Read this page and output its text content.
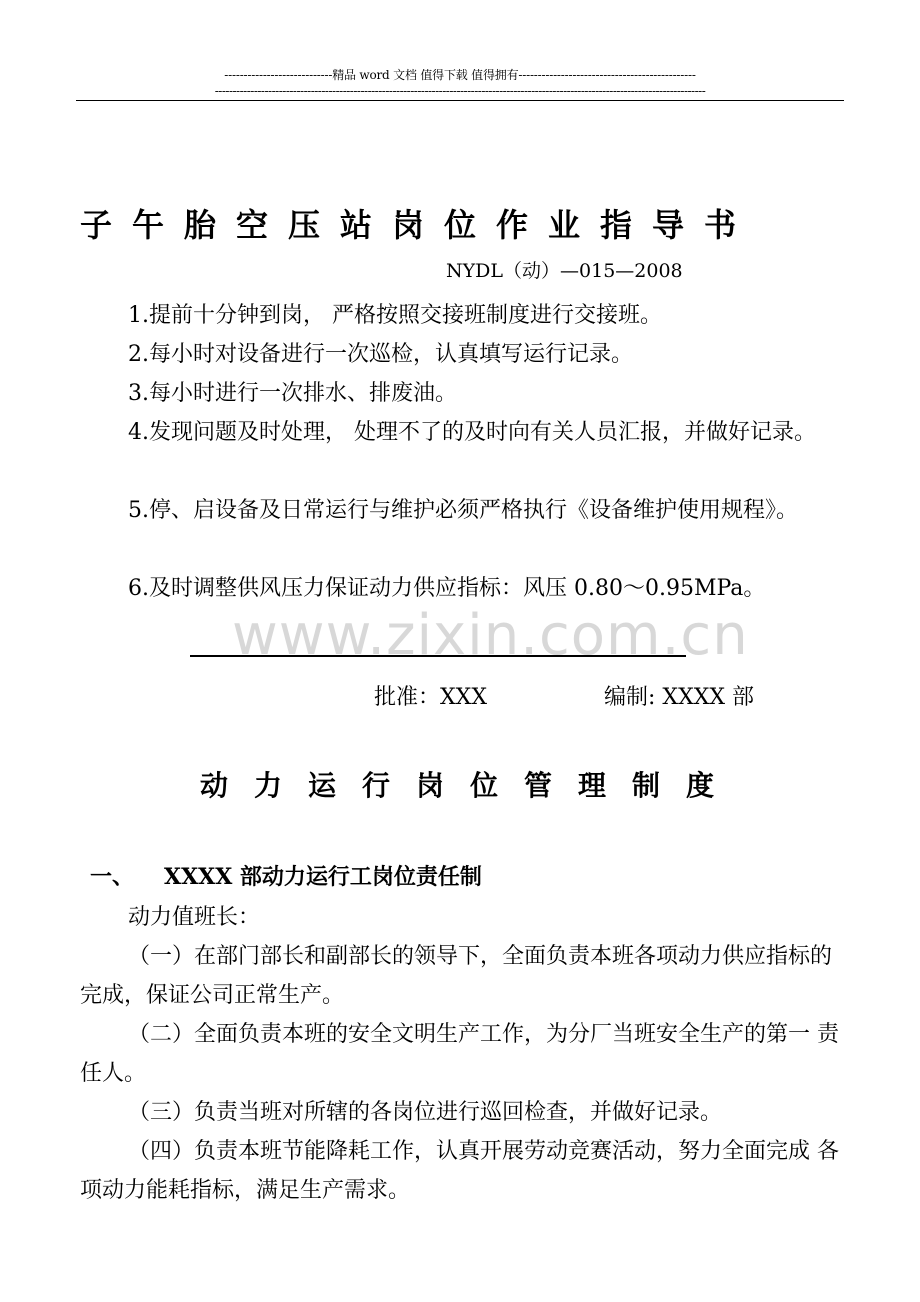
----------------------------精品 word 文档 值得下载 值得拥有----------------------------------------------
------------------------------------------------------------------------------------------------------------------------------------------
子午胎空压站岗位作业指导书
NYDL（动）—015—2008
1.提前十分钟到岗， 严格按照交接班制度进行交接班。
2.每小时对设备进行一次巡检，认真填写运行记录。
3.每小时进行一次排水、排废油。
4.发现问题及时处理， 处理不了的及时向有关人员汇报，并做好记录。
5.停、启设备及日常运行与维护必须严格执行《设备维护使用规程》。
6.及时调整供风压力保证动力供应指标：风压 0.80～0.95MPa。
www.zixin.com.cn
批准：XXX	编制: XXXX 部
动力运行岗位管理制度
一、 XXXX 部动力运行工岗位责任制
动力值班长：
（一）在部门部长和副部长的领导下，全面负责本班各项动力供应指标的完成，保证公司正常生产。
（二）全面负责本班的安全文明生产工作，为分厂当班安全生产的第一 责任人。
（三）负责当班对所辖的各岗位进行巡回检查，并做好记录。
（四）负责本班节能降耗工作，认真开展劳动竞赛活动，努力全面完成 各项动力能耗指标，满足生产需求。
